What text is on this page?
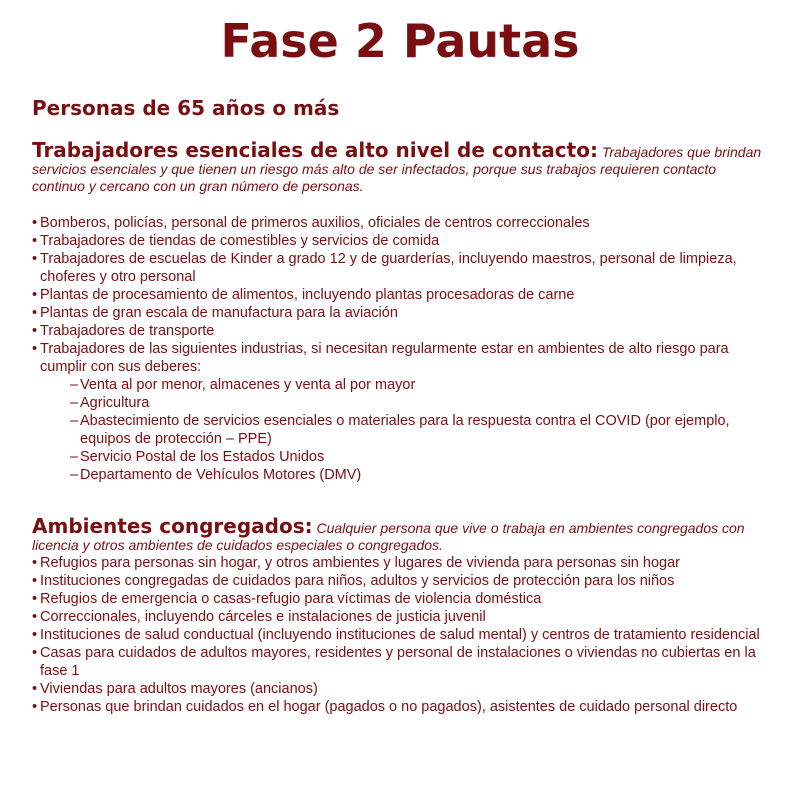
Fase 2 Pautas
Personas de 65 años o más
Trabajadores esenciales de alto nivel de contacto: Trabajadores que brindan servicios esenciales y que tienen un riesgo más alto de ser infectados, porque sus trabajos requieren contacto continuo y cercano con un gran número de personas.
• Bomberos, policías, personal de primeros auxilios, oficiales de centros correccionales
• Trabajadores de tiendas de comestibles y servicios de comida
• Trabajadores de escuelas de Kinder a grado 12 y de guarderías, incluyendo maestros, personal de limpieza, choferes y otro personal
• Plantas de procesamiento de alimentos, incluyendo plantas procesadoras de carne
• Plantas de gran escala de manufactura para la aviación
• Trabajadores de transporte
• Trabajadores de las siguientes industrias, si necesitan regularmente estar en ambientes de alto riesgo para cumplir con sus deberes:
– Venta al por menor, almacenes y venta al por mayor
– Agricultura
– Abastecimiento de servicios esenciales o materiales para la respuesta contra el COVID (por ejemplo, equipos de protección – PPE)
– Servicio Postal de los Estados Unidos
– Departamento de Vehículos Motores (DMV)
Ambientes congregados: Cualquier persona que vive o trabaja en ambientes congregados con licencia y otros ambientes de cuidados especiales o congregados.
• Refugios para personas sin hogar, y otros ambientes y lugares de vivienda para personas sin hogar
• Instituciones congregadas de cuidados para niños, adultos y servicios de protección para los niños
• Refugios de emergencia o casas-refugio para víctimas de violencia doméstica
• Correccionales, incluyendo cárceles e instalaciones de justicia juvenil
• Instituciones de salud conductual (incluyendo instituciones de salud mental) y centros de tratamiento residencial
• Casas para cuidados de adultos mayores, residentes y personal de instalaciones o viviendas no cubiertas en la fase 1
• Viviendas para adultos mayores (ancianos)
• Personas que brindan cuidados en el hogar (pagados o no pagados), asistentes de cuidado personal directo
